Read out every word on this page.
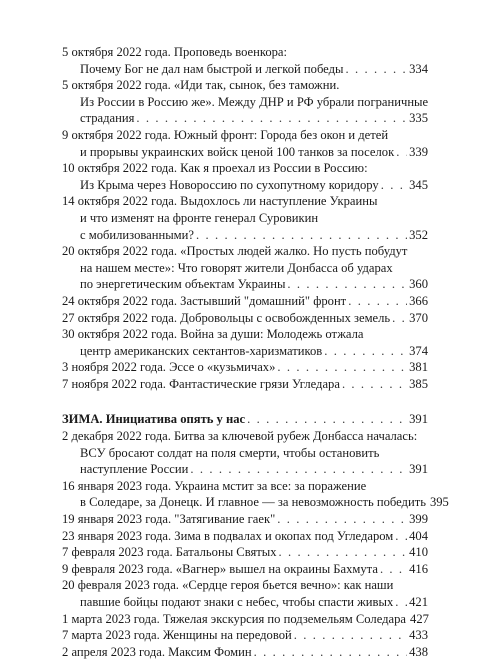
5 октября 2022 года. Проповедь военкора:
Почему Бог не дал нам быстрой и легкой победы . . .	334
5 октября 2022 года. «Иди так, сынок, без таможни.
Из России в Россию же». Между ДНР и РФ убрали пограничные
страдания . . .	335
9 октября 2022 года. Южный фронт: Города без окон и детей
и прорывы украинских войск ценой 100 танков за поселок . . . 339
10 октября 2022 года. Как я проехал из России в Россию:
Из Крыма через Новороссию по сухопутному коридору . . . 345
14 октября 2022 года. Выдохлось ли наступление Украины
и что изменят на фронте генерал Суровикин
с мобилизованными? . . .	352
20 октября 2022 года. «Простых людей жалко. Но пусть побудут
на нашем месте»: Что говорят жители Донбасса об ударах
по энергетическим объектам Украины . . .	360
24 октября 2022 года. Застывший "домашний" фронт . . .	366
27 октября 2022 года. Добровольцы с освобожденных земель . . . 370
30 октября 2022 года. Война за души: Молодежь отжала
центр американских сектантов-харизматиков . . .	374
3 ноября 2022 года. Эссе о «кузьмичах» . . .	381
7 ноября 2022 года. Фантастические грязи Угледара . . .	385
ЗИМА. Инициатива опять у нас . . .	391
2 декабря 2022 года. Битва за ключевой рубеж Донбасса началась:
ВСУ бросают солдат на поля смерти, чтобы остановить
наступление России . . .	391
16 января 2023 года. Украина мстит за все: за поражение
в Соледаре, за Донецк. И главное — за невозможность победить 395
19 января 2023 года. "Затягивание гаек" . . .	399
23 января 2023 года. Зима в подвалах и окопах под Угледаром . . . 404
7 февраля 2023 года. Батальоны Святых . . .	410
9 февраля 2023 года. «Вагнер» вышел на окраины Бахмута . . . 416
20 февраля 2023 года. «Сердце героя бьется вечно»: как наши
павшие бойцы подают знаки с небес, чтобы спасти живых . . . 421
1 марта 2023 года. Тяжелая экскурсия по подземельям Соледара 427
7 марта 2023 года. Женщины на передовой . . .	433
2 апреля 2023 года. Максим Фомин . . .	438
